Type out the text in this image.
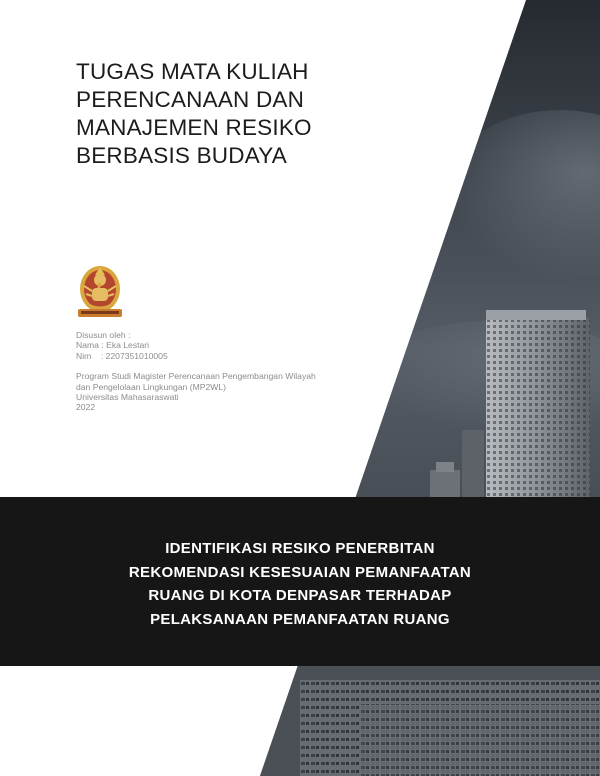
TUGAS MATA KULIAH
PERENCANAAN DAN
MANAJEMEN RESIKO
BERBASIS BUDAYA
Disusun oleh :
Nama : Eka Lestari
Nim    : 2207351010005
Program Studi Magister Perencanaan Pengembangan Wilayah
dan Pengelolaan Lingkungan (MP2WL)
Universitas Mahasaraswati
2022
IDENTIFIKASI RESIKO PENERBITAN
REKOMENDASI KESESUAIAN PEMANFAATAN
RUANG DI KOTA DENPASAR TERHADAP
PELAKSANAAN PEMANFAATAN RUANG
